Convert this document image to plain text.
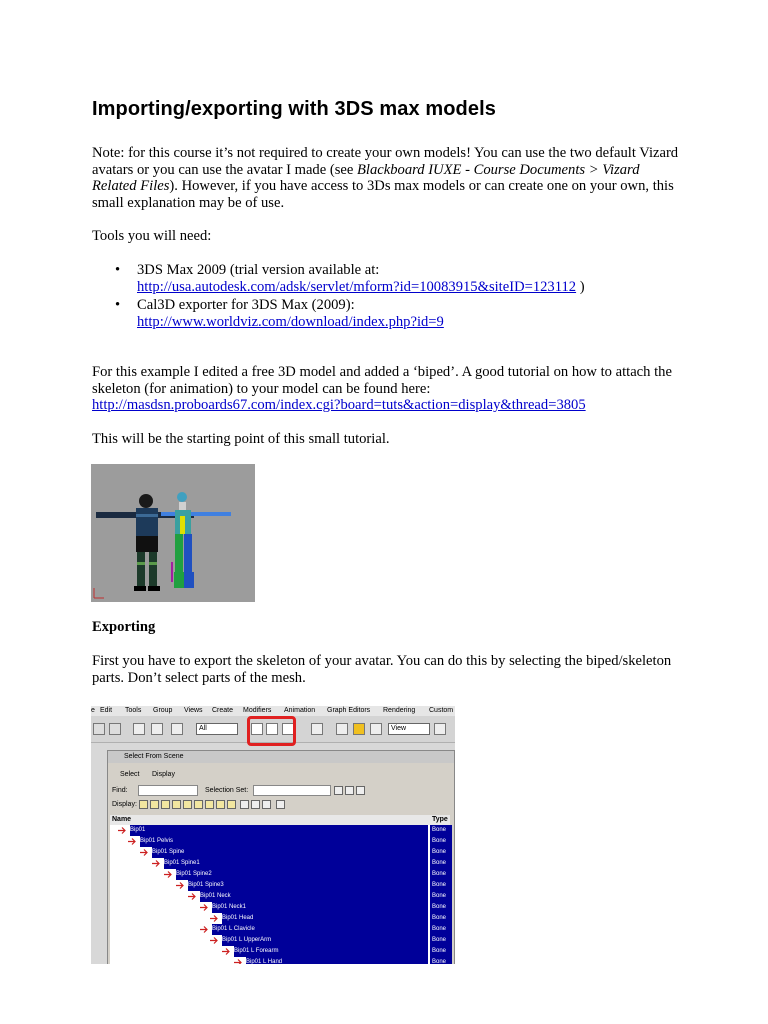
Importing/exporting with 3DS max models

Note: for this course it’s not required to create your own models! You can use the two default Vizard avatars or you can use the avatar I made (see Blackboard IUXE - Course Documents > Vizard Related Files). However, if you have access to 3Ds max models or can create one on your own, this small explanation may be of use.

Tools you will need:

• 3DS Max 2009 (trial version available at:
http://usa.autodesk.com/adsk/servlet/mform?id=10083915&siteID=123112 )

• Cal3D exporter for 3DS Max (2009):
http://www.worldviz.com/download/index.php?id=9

For this example I edited a free 3D model and added a ‘biped’. A good tutorial on how to attach the skeleton (for animation) to your model can be found here:
http://masdsn.proboards67.com/index.cgi?board=tuts&action=display&thread=3805

This will be the starting point of this small tutorial.

Exporting

First you have to export the skeleton of your avatar. You can do this by selecting the biped/skeleton parts. Don’t select parts of the mesh.

e Edit Tools Group Views Create Modifiers Animation Graph Editors Rendering Custom
All	View
Select From Scene
Select Display
Find:	Selection Set:
Display:
Name	Type
Bip01	Bone
Bip01 Pelvis	Bone
Bip01 Spine	Bone
Bip01 Spine1	Bone
Bip01 Spine2	Bone
Bip01 Spine3	Bone
Bip01 Neck	Bone
Bip01 Neck1	Bone
Bip01 Head	Bone
Bip01 L Clavicle	Bone
Bip01 L UpperArm	Bone
Bip01 L Forearm	Bone
Bip01 L Hand	Bone
